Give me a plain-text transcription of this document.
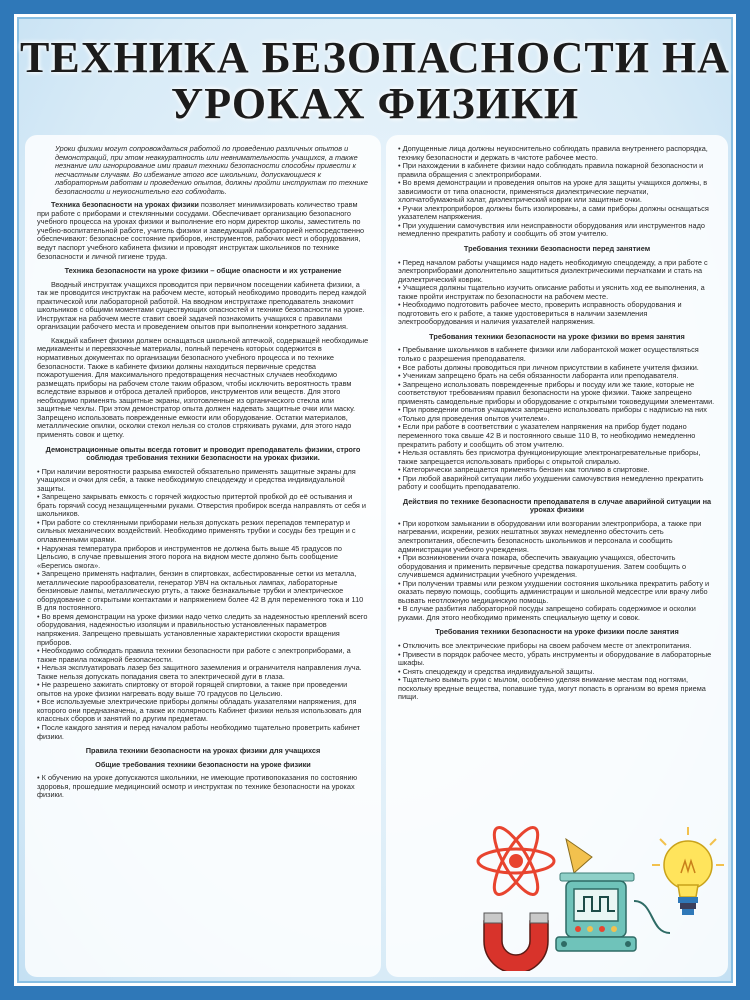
ТЕХНИКА БЕЗОПАСНОСТИ НА
УРОКАХ ФИЗИКИ

Уроки физики могут сопровождаться работой по проведению различных опытов и демонстраций, при этом неаккуратность или невнимательность учащихся, а также незнание или игнорирование ими правил техники безопасности способны привести к несчастным случаям. Во избежание этого все школьники, допускающиеся к лабораторным работам и проведению опытов, должны пройти инструктаж по технике безопасности и неукоснительно его соблюдать.

Техника безопасности на уроках физики позволяет минимизировать количество травм при работе с приборами и стеклянными сосудами. Обеспечивает организацию безопасного учебного процесса на уроках физики и выполнение его норм директор школы, заместитель по учебно-воспитательной работе, учитель физики и заведующий лабораторией непосредственно обеспечивают: безопасное состояние приборов, инструментов, рабочих мест и оборудования, ведут паспорт учебного кабинета физики и проводят инструктаж школьников по технике безопасности и личной гигиене труда.

Техника безопасности на уроке физики – общие опасности и их устранение

Вводный инструктаж учащихся проводится при первичном посещении кабинета физики, а так же проводится инструктаж на рабочем месте, который необходимо проводить перед каждой практической или лабораторной работой. На вводном инструктаже преподаватель знакомит школьников с общими моментами существующих опасностей и технике безопасности на уроке. Инструктаж на рабочем месте ставит своей задачей познакомить учащихся с правилами организации рабочего места и проведением опытов при выполнении конкретного задания.

Каждый кабинет физики должен оснащаться школьной аптечкой, содержащей необходимые медикаменты и перевязочные материалы, полный перечень которых содержится в нормативных документах по организации безопасного учебного процесса и по технике безопасности. Также в кабинете физики должны находиться первичные средства пожаротушения. Для максимального предотвращения несчастных случаев необходимо размещать приборы на рабочем столе таким образом, чтобы исключить вероятность травм вследствие взрывов и отброса деталей приборов, инструментов или веществ. Для этого необходимо применять защитные экраны, изготовленные из органического стекла или защитные чехлы. При этом демонстратор опыта должен надевать защитные очки или маску. Запрещено использовать поврежденные емкости или оборудование. Остатки материалов, металлические опилки, осколки стекол нельзя со столов стряхивать руками, для этого надо применять совок и щетку.

Демонстрационные опыты всегда готовит и проводит преподаватель физики, строго соблюдая требования техники безопасности на уроках физики.
• При наличии вероятности разрыва емкостей обязательно применять защитные экраны для учащихся и очки для себя, а также необходимую спецодежду и средства индивидуальной защиты.
• Запрещено закрывать емкость с горячей жидкостью притертой пробкой до её остывания и брать горячий сосуд незащищенными руками. Отверстия пробирок всегда направлять от себя и школьников.
• При работе со стеклянными приборами нельзя допускать резких перепадов температур и сильных механических воздействий. Необходимо применять трубки и сосуды без трещин и с оплавленными краями.
• Наружная температура приборов и инструментов не должна быть выше 45 градусов по Цельсию, в случае превышения этого порога на видном месте должно быть сообщение «Берегись ожога».
• Запрещено применять нафталин, бензин в спиртовках, асбестированные сетки из металла, металлические парообразователи, генератор УВЧ на октальных лампах, лабораторные бензиновые лампы, металлическую ртуть, а также безнакальные трубки и электрическое оборудование с открытыми контактами и напряжением более 42 В для переменного тока и 110 В для постоянного.
• Во время демонстрации на уроке физики надо четко следить за надежностью креплений всего оборудования, надежностью изоляции и правильностью установленных параметров напряжения. Запрещено превышать установленные характеристики скорости вращения приборов.
• Необходимо соблюдать правила техники безопасности при работе с электроприборами, а также правила пожарной безопасности.
• Нельзя эксплуатировать лазер без защитного заземления и ограничителя направления луча. Также нельзя допускать попадания света то электрической дуги в глаза.
• Не разрешено зажигать спиртовку от второй горящей спиртовки, а также при проведении опытов на уроке физики нагревать воду выше 70 градусов по Цельсию.
• Все используемые электрические приборы должны обладать указателями напряжения, для которого они предназначены, а также их полярность Кабинет физики нельзя использовать для классных сборов и занятий по другим предметам.
• После каждого занятия и перед началом работы необходимо тщательно проветрить кабинет физики.
Правила техники безопасности на уроках физики для учащихся
Общие требования техники безопасности на уроке физики
• К обучению на уроке допускаются школьники, не имеющие противопоказания по состоянию здоровья, прошедшие медицинский осмотр и инструктаж по технике безопасности на уроках физики.
• Допущенные лица должны неукоснительно соблюдать правила внутреннего распорядка, технику безопасности и держать в чистоте рабочее место.
• При нахождении в кабинете физики надо соблюдать правила пожарной безопасности и правила обращения с электроприборами.
• Во время демонстрации и проведения опытов на уроке для защиты учащихся должны, в зависимости от типа опасности, применяться диэлектрические перчатки, хлопчатобумажный халат, диэлектрический коврик или защитные очки.
• Ручки электроприборов должны быть изолированы, а сами приборы должны оснащаться указателем напряжения.
• При ухудшении самочувствия или неисправности оборудования или инструментов надо немедленно прекратить работу и сообщить об этом учителю.
Требования техники безопасности перед занятием
• Перед началом работы учащимся надо надеть необходимую спецодежду, а при работе с электроприборами дополнительно защититься диэлектрическими перчатками и стать на диэлектрический коврик.
• Учащиеся должны тщательно изучить описание работы и уяснить ход ее выполнения, а также пройти инструктаж по безопасности на рабочем месте.
• Необходимо подготовить рабочее место, проверить исправность оборудования и подготовить его к работе, а также удостовериться в наличии заземления электрооборудования и наличия указателей напряжения.
Требования техники безопасности на уроке физики во время занятия
• Пребывание школьников в кабинете физики или лаборантской может осуществляться только с разрешения преподавателя.
• Все работы должны проводиться при личном присутствии в кабинете учителя физики.
• Ученикам запрещено брать на себя обязанности лаборанта или преподавателя.
• Запрещено использовать поврежденные приборы и посуду или же такие, которые не соответствуют требованиям правил безопасности на уроке физики. Также запрещено применять самодельные приборы и оборудование с открытыми токоведущими элементами.
• При проведении опытов учащимся запрещено использовать приборы с надписью на них «Только для проведения опытов учителем».
• Если при работе в соответствии с указателем напряжения на прибор будет подано переменного тока свыше 42 В и постоянного свыше 110 В, то необходимо немедленно прекратить работу и сообщить об этом учителю.
• Нельзя оставлять без присмотра функционирующие электронагревательные приборы, также запрещается использовать приборы с открытой спиралью.
• Категорически запрещается применять бензин как топливо в спиртовке.
• При любой аварийной ситуации либо ухудшении самочувствия немедленно прекратить работу и сообщить преподавателю.
Действия по технике безопасности преподавателя в случае аварийной ситуации на уроках физики
• При коротком замыкании в оборудовании или возгорании электроприбора, а также при нагревании, искрении, резких нештатных звуках немедленно обесточить сеть электропитания, обеспечить безопасность школьников и персонала и сообщить администрации учебного учреждения.
• При возникновении очага пожара, обеспечить эвакуацию учащихся, обесточить оборудования и применить первичные средства пожаротушения. Затем сообщить о случившемся администрации учебного учреждения.
• При получении травмы или резком ухудшении состояния школьника прекратить работу и оказать первую помощь, сообщить администрации и школьной медсестре или врачу либо вызвать неотложную медицинскую помощь.
• В случае разбития лабораторной посуды запрещено собирать содержимое и осколки руками. Для этого необходимо применять специальную щетку и совок.
Требования техники безопасности на уроке физики после занятия
• Отключить все электрические приборы на своем рабочем месте от электропитания.
• Привести в порядок рабочее место, убрать инструменты и оборудование в лабораторные шкафы.
• Снять спецодежду и средства индивидуальной защиты.
• Тщательно вымыть руки с мылом, особенно уделяя внимание местам под ногтями, поскольку вредные вещества, попавшие туда, могут попасть в организм во время приема пищи.
